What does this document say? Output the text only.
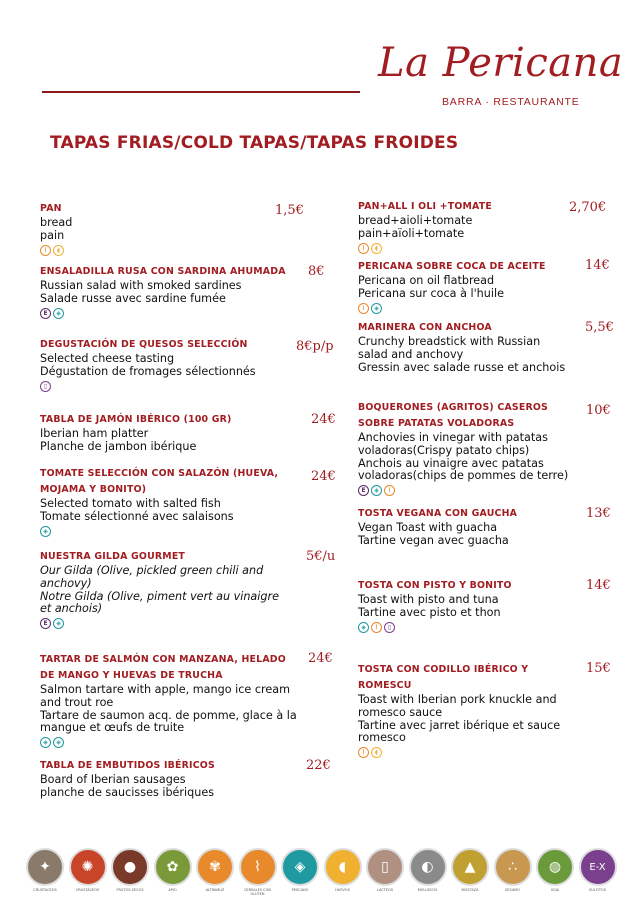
La Pericana
BARRA · RESTAURANTE
TAPAS FRIAS/COLD TAPAS/TAPAS FROIDES
PAN
bread
pain
⌇	◖
1,5€
ENSALADILLA RUSA CON SARDINA AHUMADA
Russian salad with smoked sardines
Salade russe avec sardine fumée
E	◈
8€
DEGUSTACIÓN DE QUESOS SELECCIÓN
Selected cheese tasting
Dégustation de fromages sélectionnés
▯
8€p/p
TABLA DE JAMÓN IBÉRICO (100 GR)
Iberian ham platter
Planche de jambon ibérique
24€
TOMATE SELECCIÓN CON SALAZÓN (HUEVA, MOJAMA Y BONITO)
Selected tomato with salted fish
Tomate sélectionné avec salaisons
◈
24€
NUESTRA GILDA GOURMET
Our Gilda (Olive, pickled green chili and anchovy)
Notre Gilda (Olive, piment vert au vinaigre et anchois)
E	◈
5€/u
TARTAR DE SALMÓN CON MANZANA, HELADO DE MANGO Y HUEVAS DE TRUCHA
Salmon tartare with apple, mango ice cream and trout roe
Tartare de saumon acq. de pomme, glace à la mangue et œufs de truite
◈	◈
24€
TABLA DE EMBUTIDOS IBÉRICOS
Board of Iberian sausages
planche de saucisses ibériques
22€
PAN+ALL I OLI +TOMATE
bread+aioli+tomate
pain+aïoli+tomate
⌇	◖
2,70€
PERICANA SOBRE COCA DE ACEITE
Pericana on oil flatbread
Pericana sur coca à l'huile
⌇	◈
14€
MARINERA CON ANCHOA
Crunchy breadstick with Russian salad and anchovy
Gressin avec salade russe et anchois
5,5€
BOQUERONES (AGRITOS) CASEROS SOBRE PATATAS VOLADORAS
Anchovies in vinegar with patatas voladoras(Crispy patato chips)
Anchois au vinaigre avec patatas voladoras(chips de pommes de terre)
E	◈	⌇
10€
TOSTA VEGANA CON GAUCHA
Vegan Toast with guacha
Tartine vegan avec guacha
13€
TOSTA CON PISTO Y BONITO
Toast with pisto and tuna
Tartine avec pisto et thon
◈	⌇	▯
14€
TOSTA CON CODILLO IBÉRICO Y ROMESCU
Toast with Iberian pork knuckle and romesco sauce
Tartine avec jarret ibérique et sauce romesco
⌇	◖
15€
✦
CRUSTACEOS
✺
CRUSTÁCEOS
●
FRUTOS SECOS
✿
APIO
✾
ALTRAMUZ
⌇
CEREALES CON GLUTEN
◈
PESCADO
◖
HUEVOS
▯
LACTEOS
◐
MOLUSCOS
▲
MOSTAZA
∴
SESAMO
◍
SOJA
E-X
SULFITOS
